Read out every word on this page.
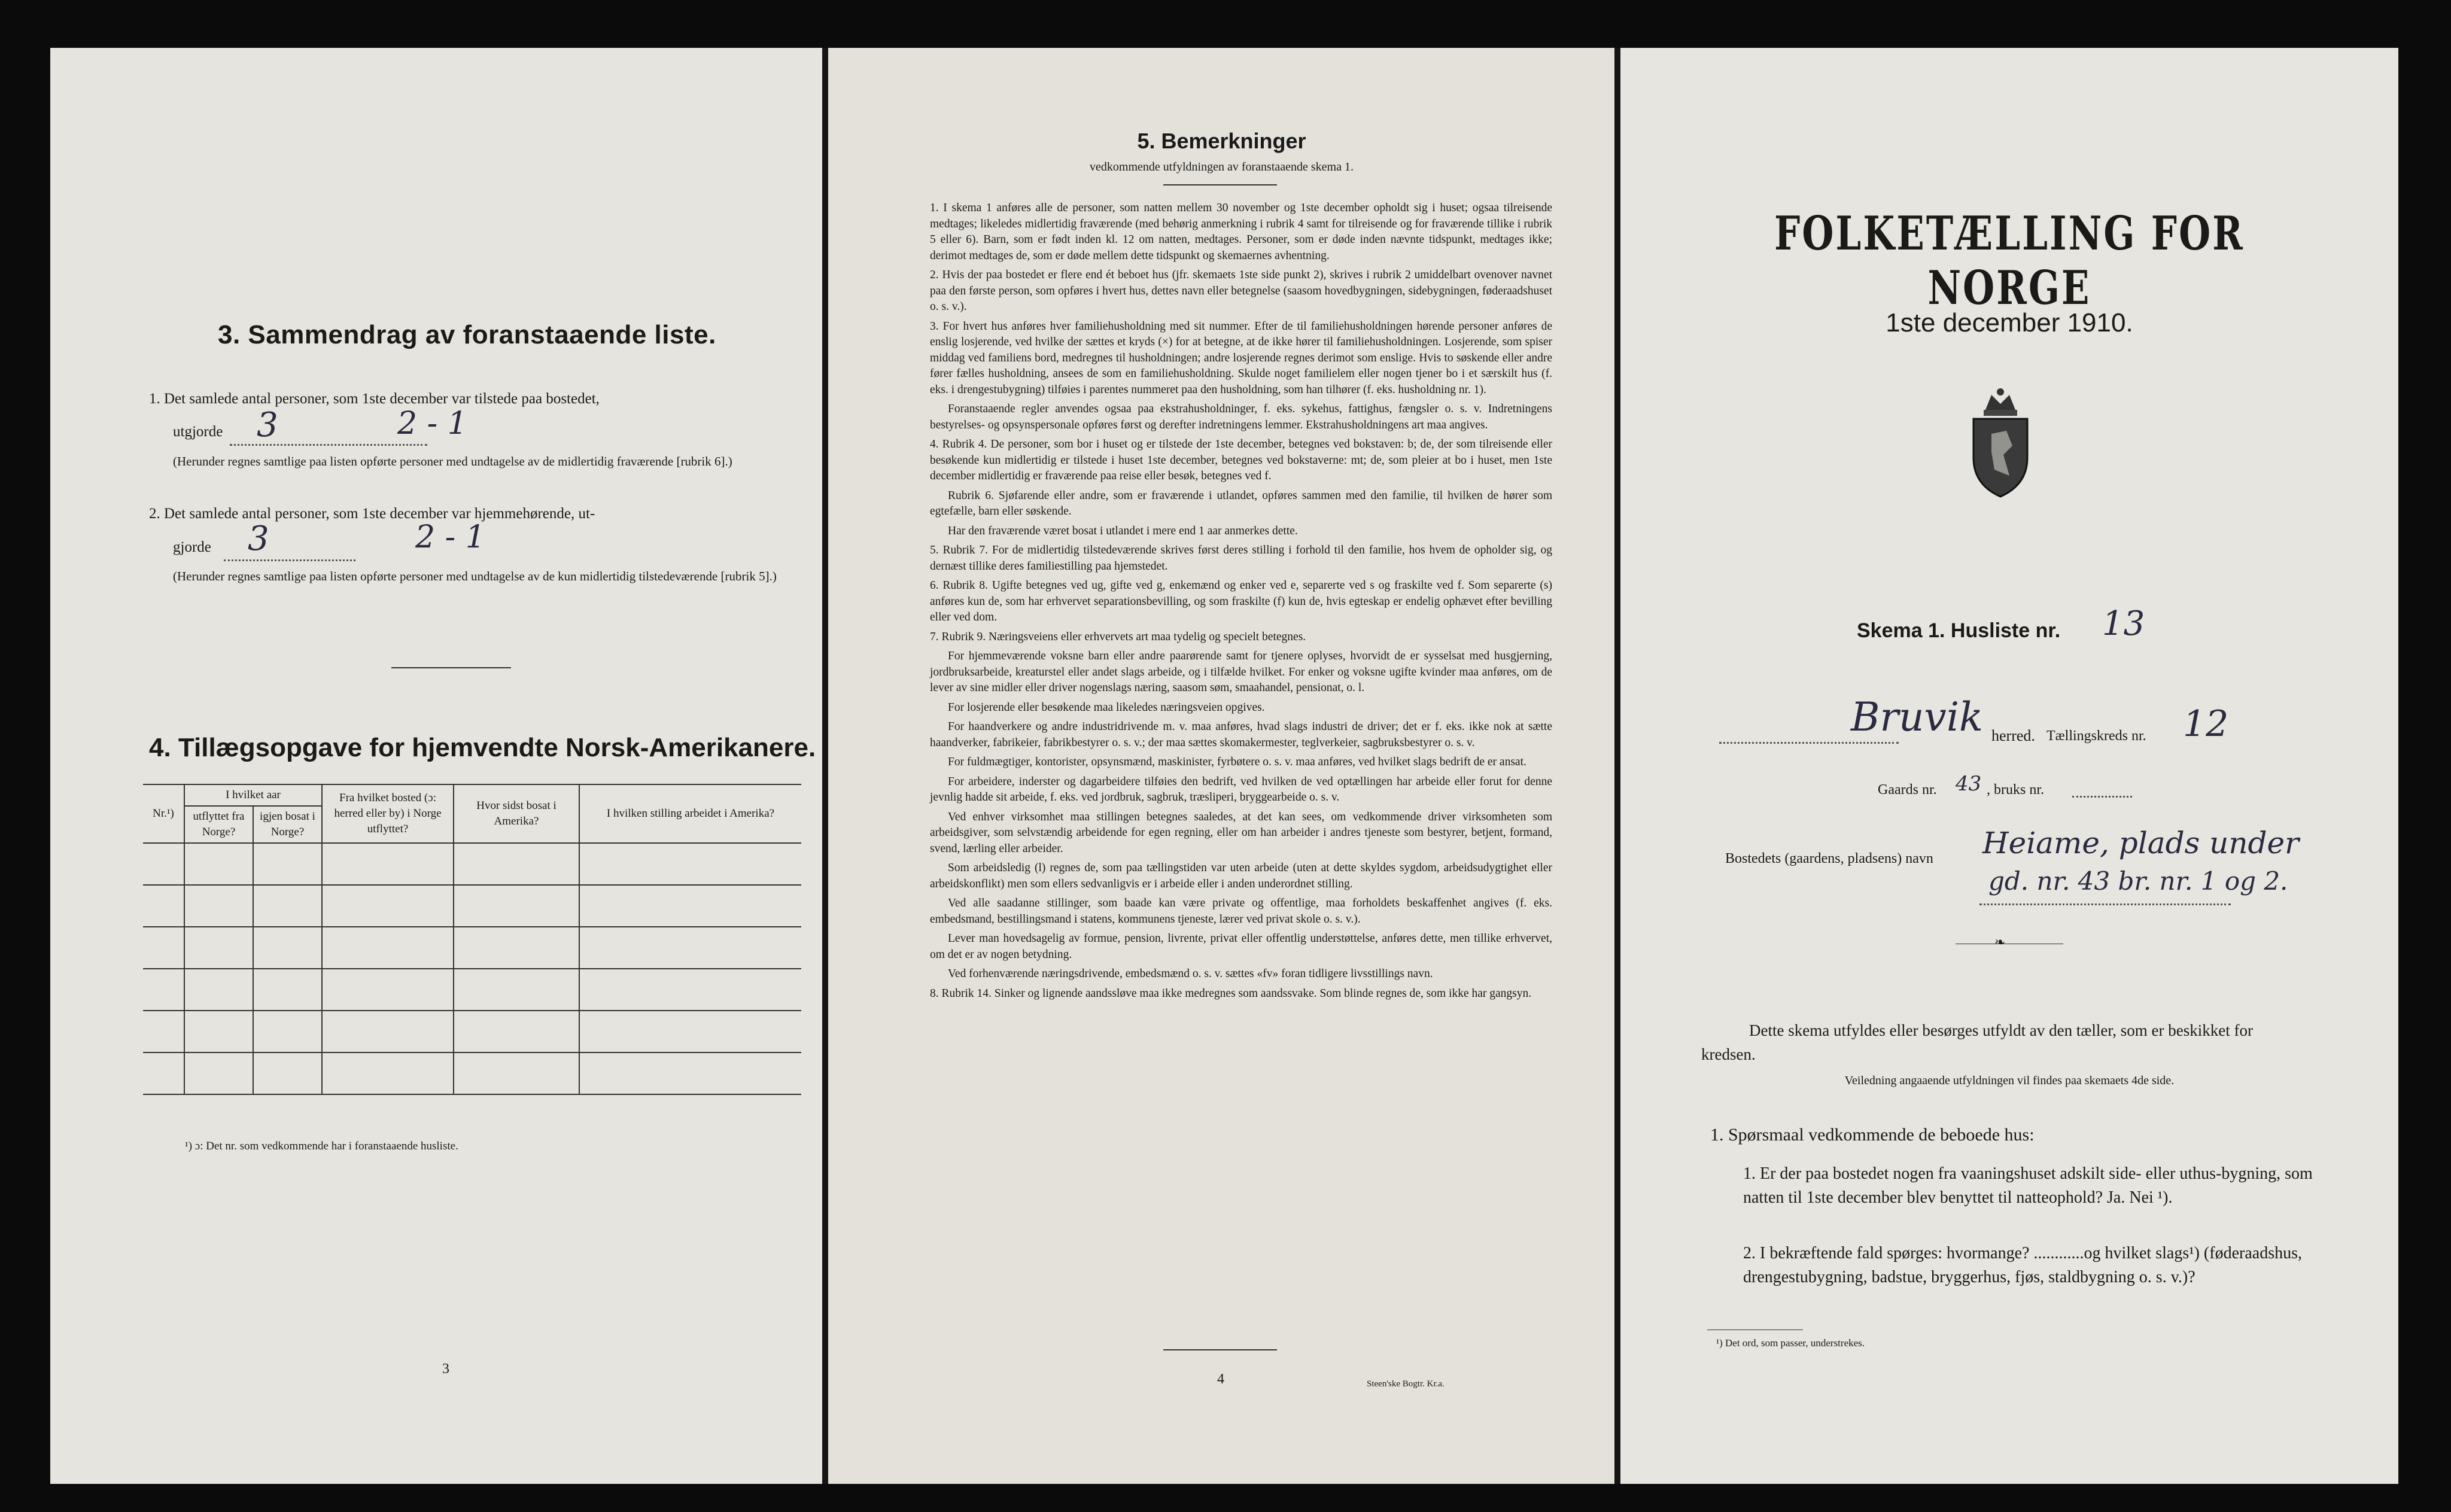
3. Sammendrag av foranstaaende liste.
1. Det samlede antal personer, som 1ste december var tilstede paa bostedet,
utgjorde 3	2 - 1
(Herunder regnes samtlige paa listen opførte personer med undtagelse av de midlertidig fraværende [rubrik 6].)
2. Det samlede antal personer, som 1ste december var hjemmehørende, ut-
gjorde 3	2 - 1
(Herunder regnes samtlige paa listen opførte personer med undtagelse av de kun midlertidig tilstedeværende [rubrik 5].)
4. Tillægsopgave for hjemvendte Norsk-Amerikanere.
Nr.¹)	I hvilket aar		Fra hvilket bosted (ɔ: herred eller by) i Norge utflyttet?	Hvor sidst bosat i Amerika?	I hvilken stilling arbeidet i Amerika?
	utflyttet fra Norge?	igjen bosat i Norge?			

¹) ɔ: Det nr. som vedkommende har i foranstaaende husliste.
3
5. Bemerkninger
vedkommende utfyldningen av foranstaaende skema 1.

1. I skema 1 anføres alle de personer, som natten mellem 30 november og 1ste december opholdt sig i huset; ogsaa tilreisende medtages; likeledes midlertidig fraværende (med behørig anmerkning i rubrik 4 samt for tilreisende og for fraværende tillike i rubrik 5 eller 6). Barn, som er født inden kl. 12 om natten, medtages. Personer, som er døde inden nævnte tidspunkt, medtages ikke; derimot medtages de, som er døde mellem dette tidspunkt og skemaernes avhentning.

2. Hvis der paa bostedet er flere end ét beboet hus (jfr. skemaets 1ste side punkt 2), skrives i rubrik 2 umiddelbart ovenover navnet paa den første person, som opføres i hvert hus, dettes navn eller betegnelse (saasom hovedbygningen, sidebygningen, føderaadshuset o. s. v.).

3. For hvert hus anføres hver familiehusholdning med sit nummer. Efter de til familiehusholdningen hørende personer anføres de enslig losjerende, ved hvilke der sættes et kryds (×) for at betegne, at de ikke hører til familiehusholdningen. Losjerende, som spiser middag ved familiens bord, medregnes til husholdningen; andre losjerende regnes derimot som enslige. Hvis to søskende eller andre fører fælles husholdning, ansees de som en familiehusholdning. Skulde noget familielem eller nogen tjener bo i et særskilt hus (f. eks. i drengestubygning) tilføies i parentes nummeret paa den husholdning, som han tilhører (f. eks. husholdning nr. 1).

Foranstaaende regler anvendes ogsaa paa ekstrahusholdninger, f. eks. sykehus, fattighus, fængsler o. s. v. Indretningens bestyrelses- og opsynspersonale opføres først og derefter indretningens lemmer. Ekstrahusholdningens art maa angives.

4. Rubrik 4. De personer, som bor i huset og er tilstede der 1ste december, betegnes ved bokstaven: b; de, der som tilreisende eller besøkende kun midlertidig er tilstede i huset 1ste december, betegnes ved bokstaverne: mt; de, som pleier at bo i huset, men 1ste december midlertidig er fraværende paa reise eller besøk, betegnes ved f.

Rubrik 6. Sjøfarende eller andre, som er fraværende i utlandet, opføres sammen med den familie, til hvilken de hører som egtefælle, barn eller søskende.

Har den fraværende været bosat i utlandet i mere end 1 aar anmerkes dette.

5. Rubrik 7. For de midlertidig tilstedeværende skrives først deres stilling i forhold til den familie, hos hvem de opholder sig, og dernæst tillike deres familiestilling paa hjemstedet.

6. Rubrik 8. Ugifte betegnes ved ug, gifte ved g, enkemænd og enker ved e, separerte ved s og fraskilte ved f. Som separerte (s) anføres kun de, som har erhvervet separationsbevilling, og som fraskilte (f) kun de, hvis egteskap er endelig ophævet efter bevilling eller ved dom.

7. Rubrik 9. Næringsveiens eller erhvervets art maa tydelig og specielt betegnes.

For hjemmeværende voksne barn eller andre paarørende samt for tjenere oplyses, hvorvidt de er sysselsat med husgjerning, jordbruksarbeide, kreaturstel eller andet slags arbeide, og i tilfælde hvilket. For enker og voksne ugifte kvinder maa anføres, om de lever av sine midler eller driver nogenslags næring, saasom søm, smaahandel, pensionat, o. l.

For losjerende eller besøkende maa likeledes næringsveien opgives.

For haandverkere og andre industridrivende m. v. maa anføres, hvad slags industri de driver; det er f. eks. ikke nok at sætte haandverker, fabrikeier, fabrikbestyrer o. s. v.; der maa sættes skomakermester, teglverkeier, sagbruksbestyrer o. s. v.

For fuldmægtiger, kontorister, opsynsmænd, maskinister, fyrbøtere o. s. v. maa anføres, ved hvilket slags bedrift de er ansat.

For arbeidere, inderster og dagarbeidere tilføies den bedrift, ved hvilken de ved optællingen har arbeide eller forut for denne jevnlig hadde sit arbeide, f. eks. ved jordbruk, sagbruk, træsliperi, bryggearbeide o. s. v.

Ved enhver virksomhet maa stillingen betegnes saaledes, at det kan sees, om vedkommende driver virksomheten som arbeidsgiver, som selvstændig arbeidende for egen regning, eller om han arbeider i andres tjeneste som bestyrer, betjent, formand, svend, lærling eller arbeider.

Som arbeidsledig (l) regnes de, som paa tællingstiden var uten arbeide (uten at dette skyldes sygdom, arbeidsudygtighet eller arbeidskonflikt) men som ellers sedvanligvis er i arbeide eller i anden underordnet stilling.

Ved alle saadanne stillinger, som baade kan være private og offentlige, maa forholdets beskaffenhet angives (f. eks. embedsmand, bestillingsmand i statens, kommunens tjeneste, lærer ved privat skole o. s. v.).

Lever man hovedsagelig av formue, pension, livrente, privat eller offentlig understøttelse, anføres dette, men tillike erhvervet, om det er av nogen betydning.

Ved forhenværende næringsdrivende, embedsmænd o. s. v. sættes «fv» foran tidligere livsstillings navn.

8. Rubrik 14. Sinker og lignende aandssløve maa ikke medregnes som aandssvake. Som blinde regnes de, som ikke har gangsyn.

4	Steen'ske Bogtr. Kr.a.
FOLKETÆLLING FOR NORGE
1ste december 1910.
Skema 1. Husliste nr. 13
Bruvik herred. Tællingskreds nr. 12
Gaards nr. 43 , bruks nr.
Bostedets (gaardens, pladsens) navn Heiame, plads under
gd. nr. 43 br. nr. 1 og 2.
❧
Dette skema utfyldes eller besørges utfyldt av den tæller, som er beskikket for kredsen.
Veiledning angaaende utfyldningen vil findes paa skemaets 4de side.
1. Spørsmaal vedkommende de beboede hus:
1. Er der paa bostedet nogen fra vaaningshuset adskilt side- eller uthus-bygning, som natten til 1ste december blev benyttet til natteophold? Ja. Nei ¹).
2. I bekræftende fald spørges: hvormange? ............og hvilket slags¹) (føderaadshus, drengestubygning, badstue, bryggerhus, fjøs, staldbygning o. s. v.)?
¹) Det ord, som passer, understrekes.
